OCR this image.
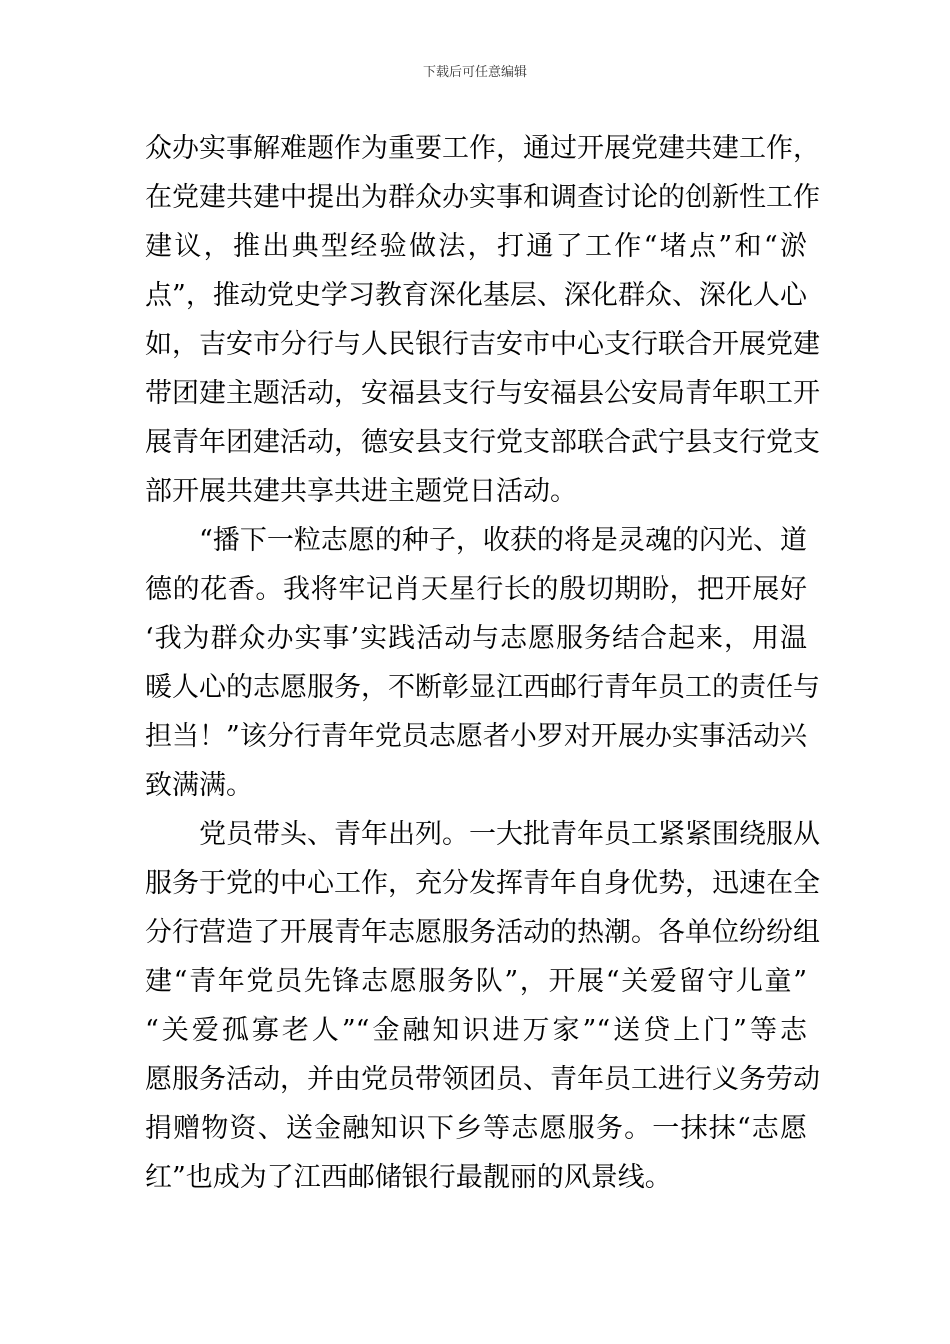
下载后可任意编辑
众办实事解难题作为重要工作，通过开展党建共建工作，
在党建共建中提出为群众办实事和调查讨论的创新性工作
建议，推出典型经验做法，打通了工作“堵点”和“淤
点”，推动党史学习教育深化基层、深化群众、深化人心
如，吉安市分行与人民银行吉安市中心支行联合开展党建
带团建主题活动，安福县支行与安福县公安局青年职工开
展青年团建活动，德安县支行党支部联合武宁县支行党支
部开展共建共享共进主题党日活动。
“播下一粒志愿的种子，收获的将是灵魂的闪光、道
德的花香。我将牢记肖天星行长的殷切期盼，把开展好
‘我为群众办实事’实践活动与志愿服务结合起来，用温
暖人心的志愿服务，不断彰显江西邮行青年员工的责任与
担当！”该分行青年党员志愿者小罗对开展办实事活动兴
致满满。
党员带头、青年出列。一大批青年员工紧紧围绕服从
服务于党的中心工作，充分发挥青年自身优势，迅速在全
分行营造了开展青年志愿服务活动的热潮。各单位纷纷组
建“青年党员先锋志愿服务队”，开展“关爱留守儿童”
“关爱孤寡老人”“金融知识进万家”“送贷上门”等志
愿服务活动，并由党员带领团员、青年员工进行义务劳动
捐赠物资、送金融知识下乡等志愿服务。一抹抹“志愿
红”也成为了江西邮储银行最靓丽的风景线。
